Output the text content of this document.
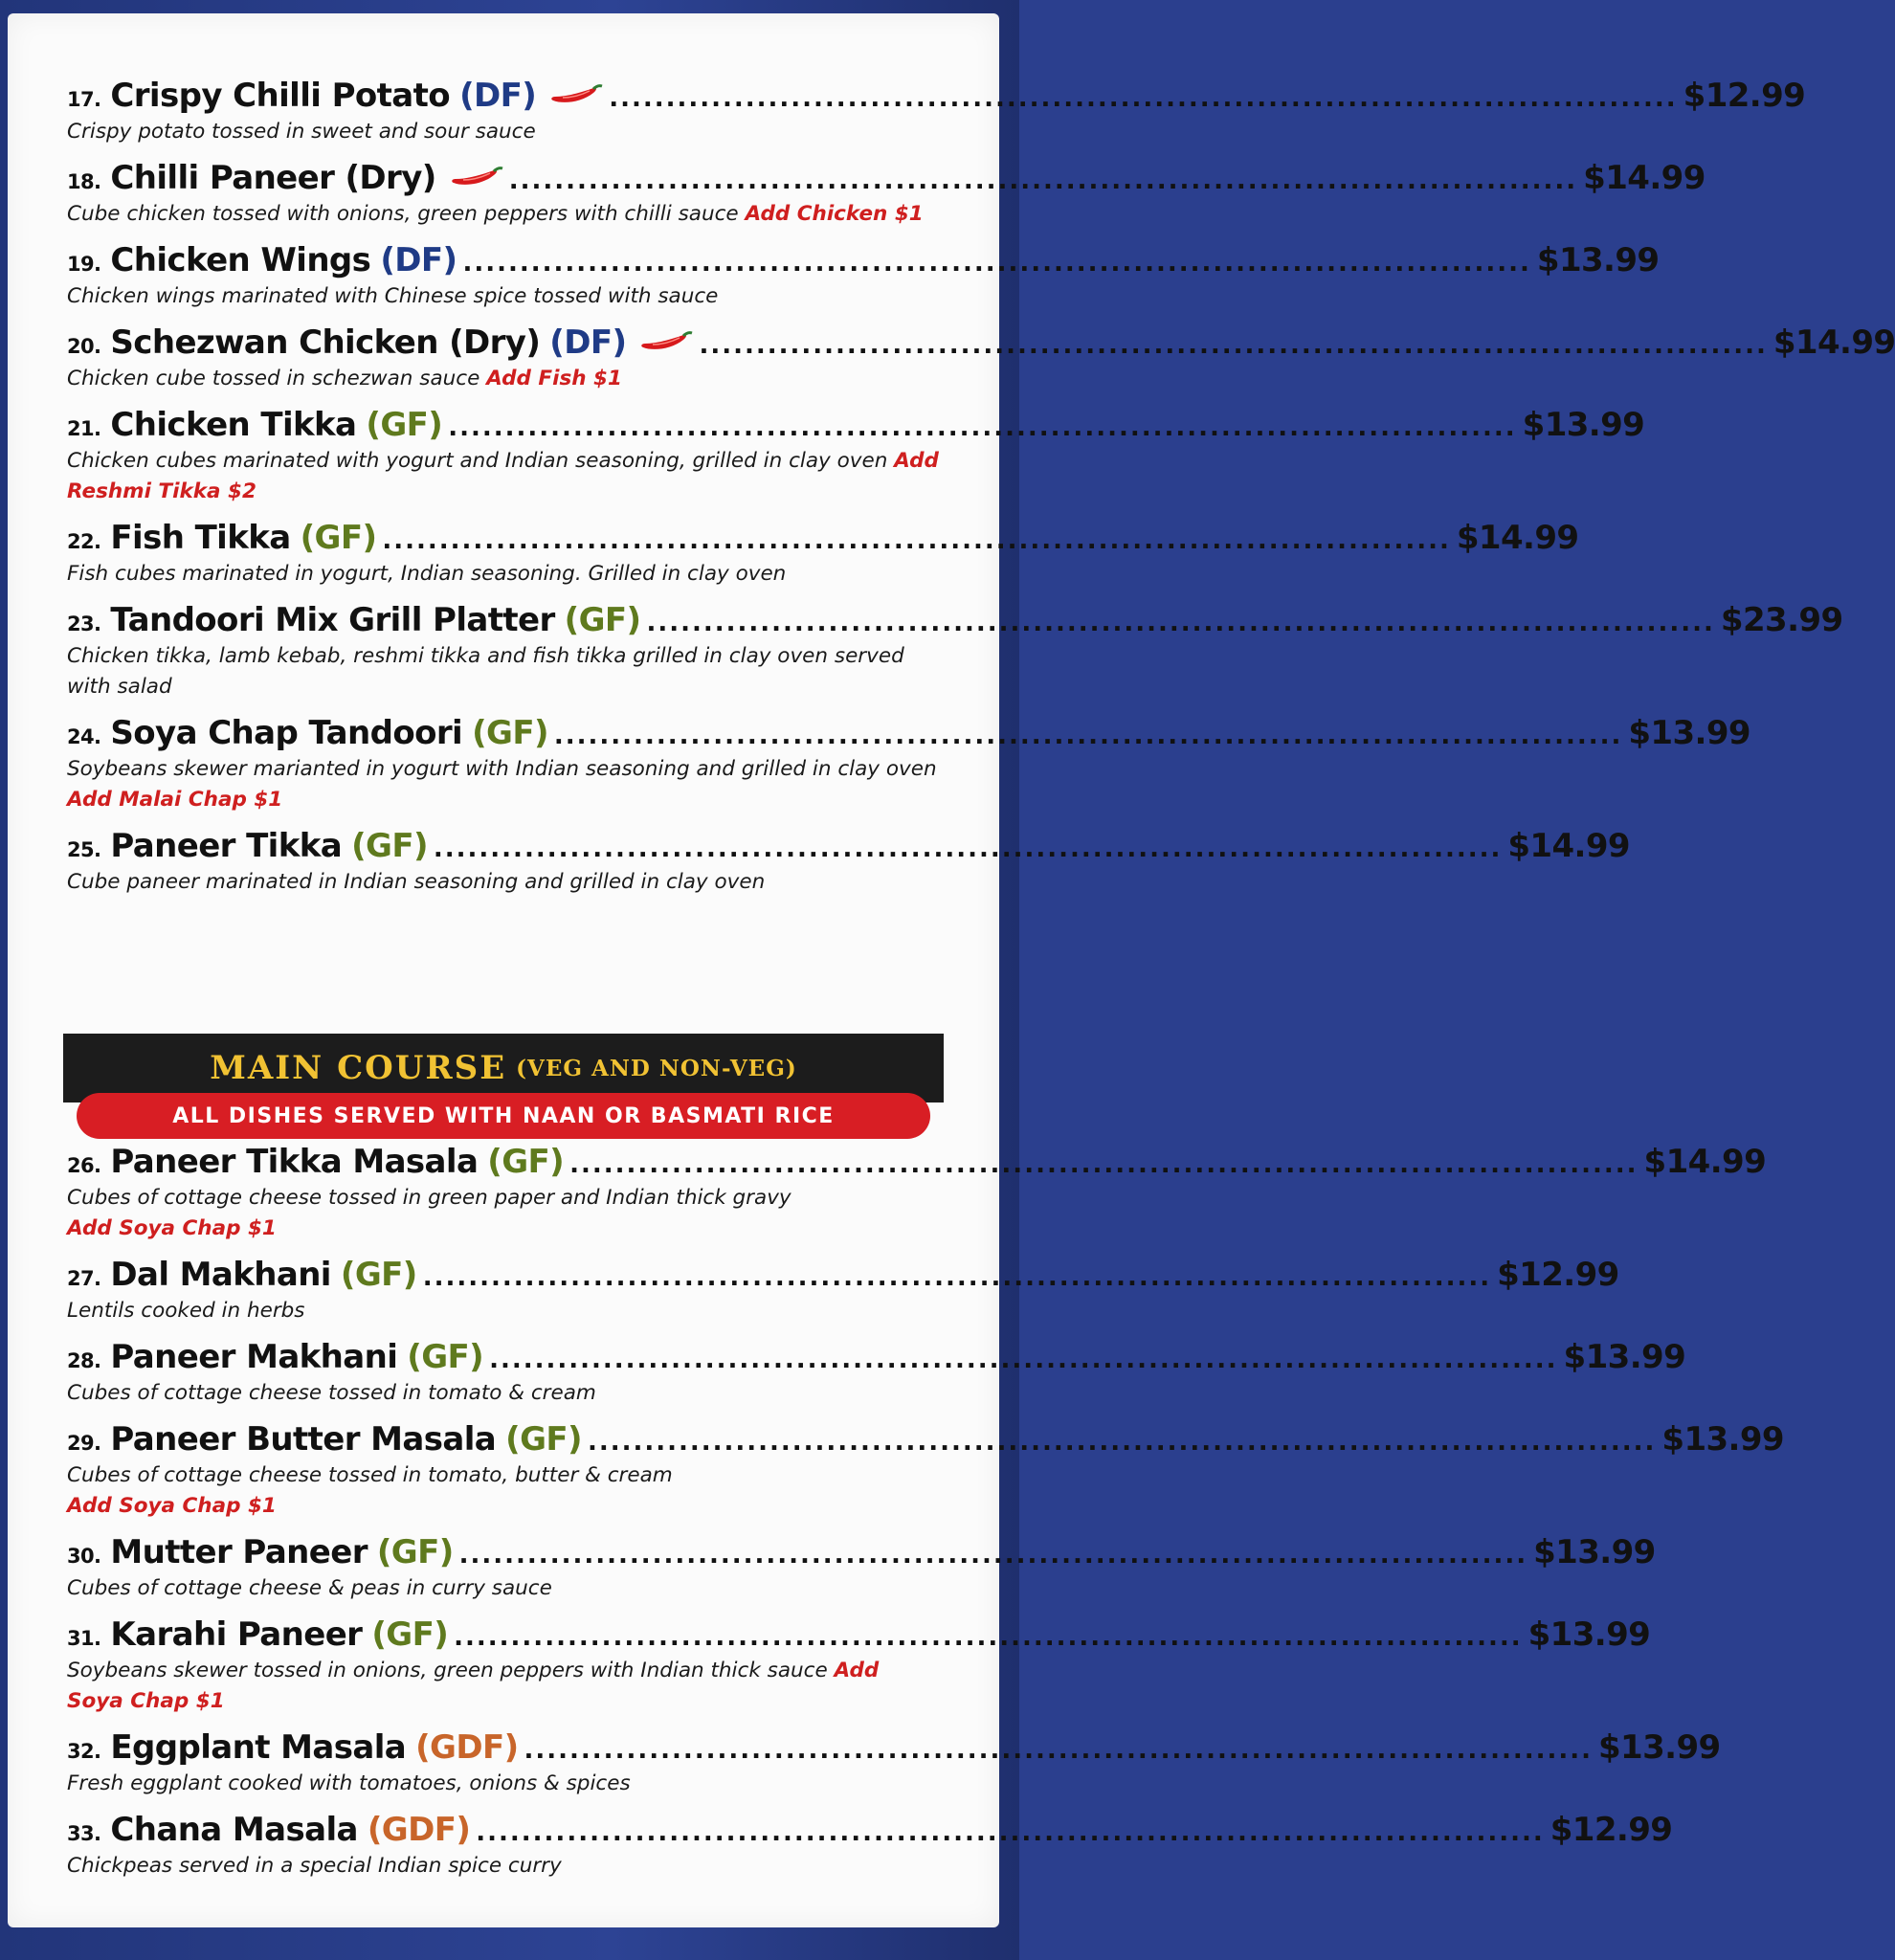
17. Crispy Chilli Potato (DF)	.............................................................................................. $12.99
Crispy potato tossed in sweet and sour sauce
18. Chilli Paneer (Dry)	.............................................................................................. $14.99
Cube chicken tossed with onions, green peppers with chilli sauce Add Chicken $1
19. Chicken Wings (DF) .............................................................................................. $13.99
Chicken wings marinated with Chinese spice tossed with sauce
20. Schezwan Chicken (Dry) (DF)	.............................................................................................. $14.99
Chicken cube tossed in schezwan sauce Add Fish $1
21. Chicken Tikka (GF) .............................................................................................. $13.99
Chicken cubes marinated with yogurt and Indian seasoning, grilled in clay oven Add Reshmi Tikka $2
22. Fish Tikka (GF) .............................................................................................. $14.99
Fish cubes marinated in yogurt, Indian seasoning. Grilled in clay oven
23. Tandoori Mix Grill Platter (GF) .............................................................................................. $23.99
Chicken tikka, lamb kebab, reshmi tikka and fish tikka grilled in clay oven served with salad
24. Soya Chap Tandoori (GF) .............................................................................................. $13.99
Soybeans skewer marianted in yogurt with Indian seasoning and grilled in clay oven Add Malai Chap $1
25. Paneer Tikka (GF) .............................................................................................. $14.99
Cube paneer marinated in Indian seasoning and grilled in clay oven
MAIN COURSE (VEG AND NON-VEG)
ALL DISHES SERVED WITH NAAN OR BASMATI RICE
26. Paneer Tikka Masala (GF) .............................................................................................. $14.99
Cubes of cottage cheese tossed in green paper and Indian thick gravy
Add Soya Chap $1
27. Dal Makhani (GF) .............................................................................................. $12.99
Lentils cooked in herbs
28. Paneer Makhani (GF) .............................................................................................. $13.99
Cubes of cottage cheese tossed in tomato & cream
29. Paneer Butter Masala (GF) .............................................................................................. $13.99
Cubes of cottage cheese tossed in tomato, butter & cream
Add Soya Chap $1
30. Mutter Paneer (GF) .............................................................................................. $13.99
Cubes of cottage cheese & peas in curry sauce
31. Karahi Paneer (GF) .............................................................................................. $13.99
Soybeans skewer tossed in onions, green peppers with Indian thick sauce Add Soya Chap $1
32. Eggplant Masala (GDF) .............................................................................................. $13.99
Fresh eggplant cooked with tomatoes, onions & spices
33. Chana Masala (GDF) .............................................................................................. $12.99
Chickpeas served in a special Indian spice curry
